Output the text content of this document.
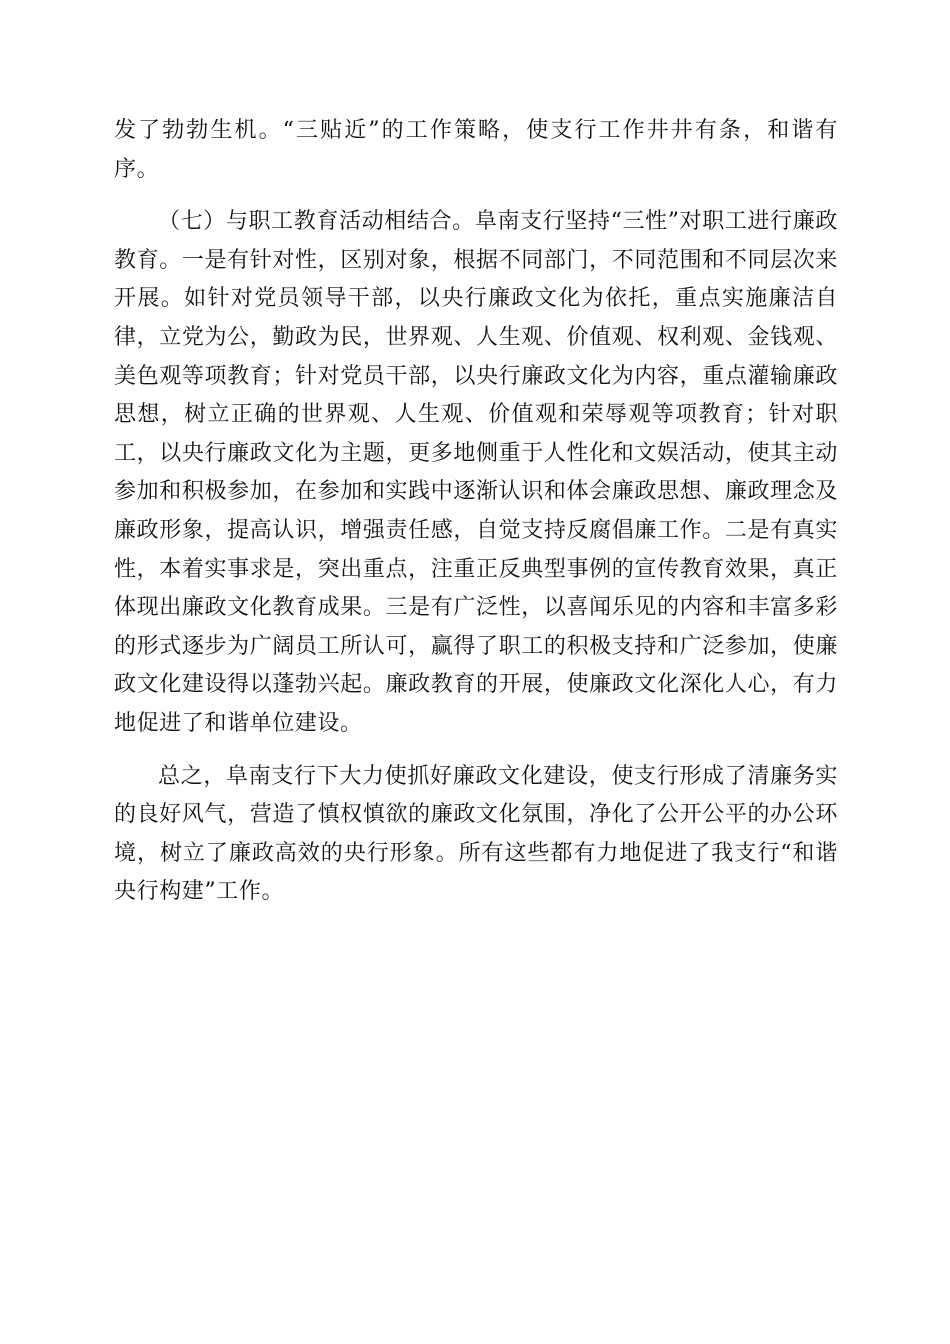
发了勃勃生机。“三贴近”的工作策略，使支行工作井井有条，和谐有序。

（七）与职工教育活动相结合。阜南支行坚持“三性”对职工进行廉政教育。一是有针对性，区别对象，根据不同部门，不同范围和不同层次来开展。如针对党员领导干部，以央行廉政文化为依托，重点实施廉洁自律，立党为公，勤政为民，世界观、人生观、价值观、权利观、金钱观、美色观等项教育；针对党员干部，以央行廉政文化为内容，重点灌输廉政思想，树立正确的世界观、人生观、价值观和荣辱观等项教育；针对职工，以央行廉政文化为主题，更多地侧重于人性化和文娱活动，使其主动参加和积极参加，在参加和实践中逐渐认识和体会廉政思想、廉政理念及廉政形象，提高认识，增强责任感，自觉支持反腐倡廉工作。二是有真实性，本着实事求是，突出重点，注重正反典型事例的宣传教育效果，真正体现出廉政文化教育成果。三是有广泛性，以喜闻乐见的内容和丰富多彩的形式逐步为广阔员工所认可，赢得了职工的积极支持和广泛参加，使廉政文化建设得以蓬勃兴起。廉政教育的开展，使廉政文化深化人心，有力地促进了和谐单位建设。

总之，阜南支行下大力使抓好廉政文化建设，使支行形成了清廉务实的良好风气，营造了慎权慎欲的廉政文化氛围，净化了公开公平的办公环境，树立了廉政高效的央行形象。所有这些都有力地促进了我支行“和谐央行构建”工作。
